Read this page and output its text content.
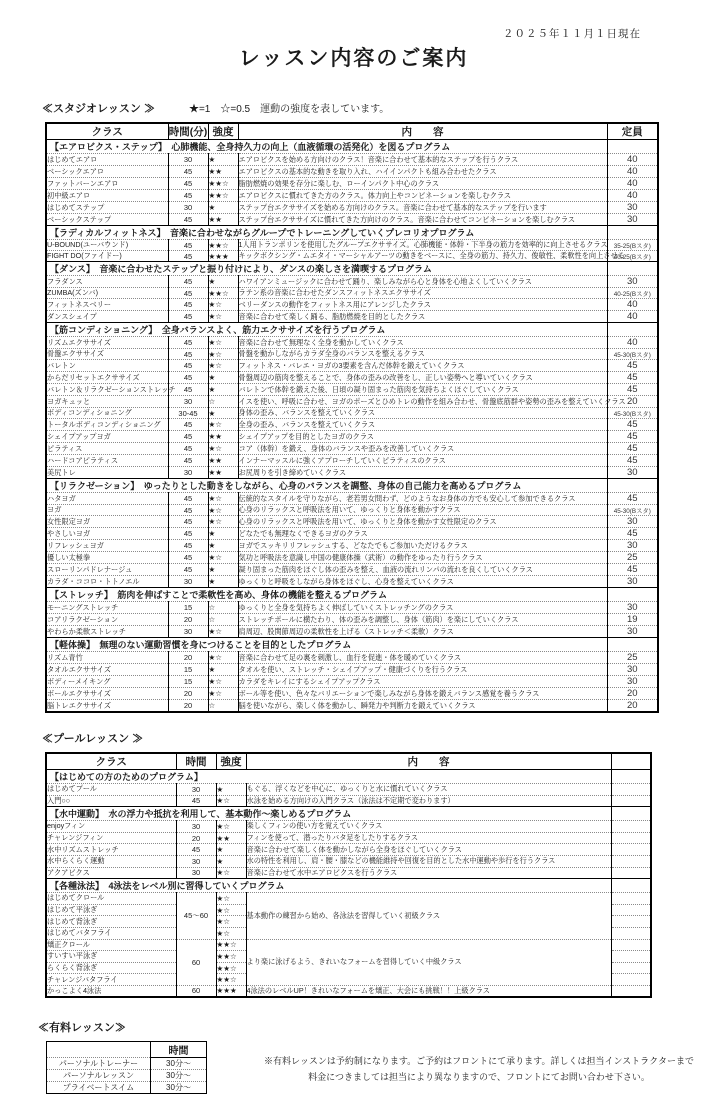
２０２５年１１月１日現在
レッスン内容のご案内
≪スタジオレッスン ≫	★=1　☆=0.5　運動の強度を表しています。
クラス	時間(分)	強度	内　　容	定員
【エアロビクス・ステップ】　心肺機能、全身持久力の向上（血液循環の活発化）を図るプログラム				
はじめてエアロ	30	★	エアロビクスを始める方向けのクラス！音楽に合わせて基本的なステップを行うクラス	40
ベーシックエアロ	45	★★	エアロビクスの基本的な動きを取り入れ、ハイインパクトも組み合わせたクラス	40
ファットバーンエアロ	45	★★☆	脂肪燃焼の効果を存分に楽しむ、ローインパクト中心のクラス	40
初中級エアロ	45	★★☆	エアロビクスに慣れてきた方のクラス。体力向上やコンビネーションを楽しむクラス	40
はじめてステップ	30	★	ステップ台エクササイズを始める方向けのクラス。音楽に合わせて基本的なステップを行います	30
ベーシックステップ	45	★★	ステップ台エクササイズに慣れてきた方向けのクラス。音楽に合わせてコンビネーションを楽しむクラス	30
【ラディカルフィットネス】　音楽に合わせながらグループでトレーニングしていくプレコリオプログラム				
U-BOUND(ユーバウンド)	45	★★☆	1人用トランポリンを使用したグループエクササイズ。心肺機能・体幹・下半身の筋力を効率的に向上させるクラス	35-25(Bスタ)
FIGHT DO(ファイドー)	45	★★★	キックボクシング・ムエタイ・マーシャルアーツの動きをベースに、全身の筋力、持久力、俊敏性、柔軟性を向上させる	40-25(Bスタ)
【ダンス】　音楽に合わせたステップと振り付けにより、ダンスの楽しさを満喫するプログラム				
フラダンス	45	★	ハワイアンミュージックに合わせて踊り、楽しみながら心と身体を心地よくしていくクラス	30
ZUMBA(ズンバ)	45	★★☆	ラテン系の音楽に合わせたダンスフィットネスエクササイズ	40-25(Bスタ)
フィットネスベリー	45	★☆	ベリーダンスの動作をフィットネス用にアレンジしたクラス	40
ダンスシェイプ	45	★☆	音楽に合わせて楽しく踊る、脂肪燃焼を目的としたクラス	40
【筋コンディショニング】　全身バランスよく、筋力エクササイズを行うプログラム				
リズムエクササイズ	45	★☆	音楽に合わせて無理なく全身を動かしていくクラス	40
骨盤エクササイズ	45	★☆	骨盤を動かしながらカラダ全身のバランスを整えるクラス	45-30(Bスタ)
バレトン	45	★☆	フィットネス・バレエ・ヨガの3要素を含んだ体幹を鍛えていくクラス	45
からだリセットエクササイズ	45	★	骨盤周辺の筋肉を整えることで、身体の歪みの改善をし、正しい姿勢へと導いていくクラス	45
バレトン＆リラクゼーションストレッチ	45	★	バレトンで体幹を鍛えた後、日頃の凝り固まった筋肉を気持ちよくほぐしていくクラス	45
ヨガキュッと	30	☆	イスを使い、呼吸に合わせ、ヨガのポーズとひめトレの動作を組み合わせ、骨盤底筋群や姿勢の歪みを整えていくクラス	20
ボディコンディショニング	30-45	★	身体の歪み、バランスを整えていくクラス	45-30(Bスタ)
トータルボディコンディショニング	45	★☆	全身の歪み、バランスを整えていくクラス	45
シェイプアップヨガ	45	★★	シェイプアップを目的としたヨガのクラス	45
ピラティス	45	★☆	コア（体幹）を鍛え、身体のバランスや歪みを改善していくクラス	45
ハードコアピラティス	45	★★	インナーマッスルに強くアプローチしていくピラティスのクラス	45
美尻トレ	30	★★	お尻周りを引き締めていくクラス	30
【リラクゼーション】　ゆったりとした動きをしながら、心身のバランスを調整、身体の自己能力を高めるプログラム				
ハタヨガ	45	★☆	伝統的なスタイルを守りながら、老若男女問わず、どのようなお身体の方でも安心して参加できるクラス	45
ヨガ	45	★☆	心身のリラックスと呼吸法を用いて、ゆっくりと身体を動かすクラス	45-30(Bスタ)
女性限定ヨガ	45	★☆	心身のリラックスと呼吸法を用いて、ゆっくりと身体を動かす女性限定のクラス	30
やさしいヨガ	45	★	どなたでも無理なくできるヨガのクラス	45
リフレッシュヨガ	45	★	ヨガでスッキリリフレッシュする、どなたでもご参加いただけるクラス	30
優しい太極拳	45	★☆	気功と呼吸法を意識し中国の健康体操（武術）の動作をゆったり行うクラス	25
スローリンパドレナージュ	45	★	凝り固まった筋肉をほぐし体の歪みを整え、血液の流れリンパの流れを良くしていくクラス	45
カラダ・ココロ・トトノエル	30	★	ゆっくりと呼吸をしながら身体をほぐし、心身を整えていくクラス	30
【ストレッチ】　筋肉を伸ばすことで柔軟性を高め、身体の機能を整えるプログラム				
モーニングストレッチ	15	☆	ゆっくりと全身を気持ちよく伸ばしていくストレッチングのクラス	30
コアリラクゼーション	20	☆	ストレッチポールに横たわり、体の歪みを調整し、身体（筋肉）を楽にしていくクラス	19
やわらか柔軟ストレッチ	30	★☆	肩周辺、股関節周辺の柔軟性を上げる（ストレッチ＜柔軟）クラス	30
【軽体操】　無理のない運動習慣を身につけることを目的としたプログラム				
リズム青竹	20	★☆	音楽に合わせて足の裏を刺激し、血行を促進・体を暖めていくクラス	25
タオルエクササイズ	15	★	タオルを使い、ストレッチ・シェイプアップ・健康づくりを行うクラス	30
ボディーメイキング	15	★☆	カラダをキレイにするシェイプアップクラス	30
ボールエクササイズ	20	★☆	ボール等を使い、色々なバリエーションで楽しみながら身体を鍛えバランス感覚を養うクラス	20
脳トレエクササイズ	20	☆	脳を使いながら、楽しく体を動かし、瞬発力や判断力を鍛えていくクラス	20
≪プールレッスン ≫
クラス	時間	強度	内　　容	
【はじめての方のためのプログラム】				
はじめてプール	30	★	もぐる、浮くなどを中心に、ゆっくりと水に慣れていくクラス	
入門○○	45	★☆	水泳を始める方向けの入門クラス（泳法は不定期で変わります）	
【水中運動】　水の浮力や抵抗を利用して、基本動作～楽しめるプログラム				
enjoyフィン	30	★☆	楽しくフィンの使い方を覚えていくクラス	
チャレンジフィン	20	★★	フィンを使って、潜ったりバタ足をしたりするクラス	
水中リズムストレッチ	45	★	音楽に合わせて楽しく体を動かしながら全身をほぐしていくクラス	
水中らくらく運動	30	★	水の特性を利用し、肩・腰・膝などの機能維持や回復を目的とした水中運動や歩行を行うクラス	
アクアビクス	30	★☆	音楽に合わせて水中エアロビクスを行うクラス	
【各種泳法】　4泳法をレベル別に習得していくプログラム				
はじめてクロール	45～60	★☆	基本動作の練習から始め、各泳法を習得していく初級クラス	
はじめて平泳ぎ		★☆		
はじめて背泳ぎ		★☆		
はじめてバタフライ		★☆		
矯正クロール	60	★★☆	より楽に泳げるよう、きれいなフォームを習得していく中級クラス	
すいすい平泳ぎ		★★☆		
らくらく背泳ぎ		★★☆		
チャレンジバタフライ		★★☆		
かっこよく4泳法	60	★★★	4泳法のレベルUP！きれいなフォームを矯正、大会にも挑戦！！上級クラス	
≪有料レッスン≫
	時間
パーソナルトレーナー	30分～
パーソナルレッスン	30分～
プライベートスイム	30分～
※有料レッスンは予約制になります。ご予約はフロントにて承ります。詳しくは担当インストラクターまで
料金につきましては担当により異なりますので、フロントにてお問い合わせ下さい。
